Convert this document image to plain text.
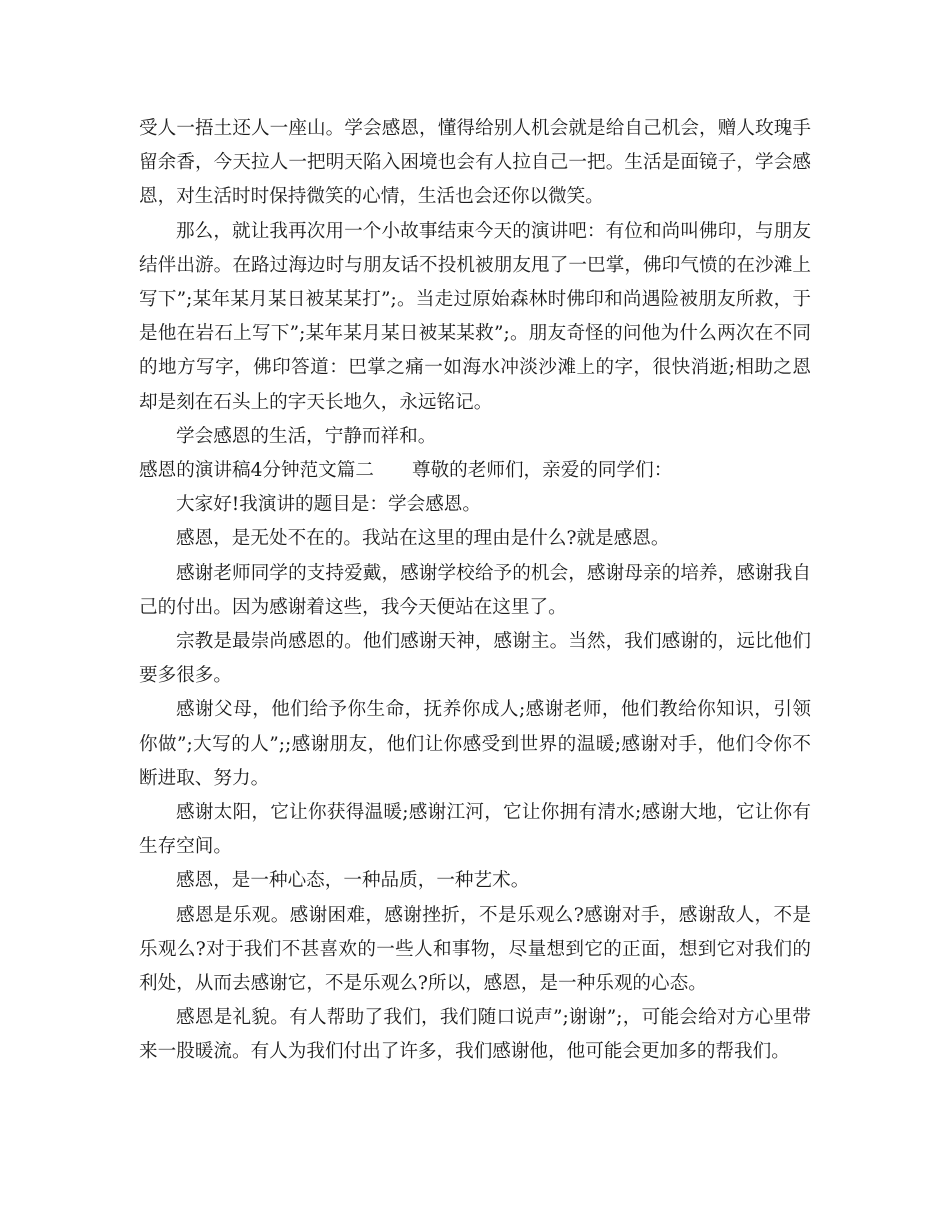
受人一捂土还人一座山。学会感恩，懂得给别人机会就是给自己机会，赠人玫瑰手留余香，今天拉人一把明天陷入困境也会有人拉自己一把。生活是面镜子，学会感恩，对生活时时保持微笑的心情，生活也会还你以微笑。

那么，就让我再次用一个小故事结束今天的演讲吧：有位和尚叫佛印，与朋友结伴出游。在路过海边时与朋友话不投机被朋友甩了一巴掌，佛印气愤的在沙滩上写下”;某年某月某日被某某打”;。当走过原始森林时佛印和尚遇险被朋友所救，于是他在岩石上写下”;某年某月某日被某某救”;。朋友奇怪的问他为什么两次在不同的地方写字，佛印答道：巴掌之痛一如海水冲淡沙滩上的字，很快消逝;相助之恩却是刻在石头上的字天长地久，永远铭记。

学会感恩的生活，宁静而祥和。

感恩的演讲稿4分钟范文篇二 尊敬的老师们，亲爱的同学们：

大家好!我演讲的题目是：学会感恩。

感恩，是无处不在的。我站在这里的理由是什么?就是感恩。

感谢老师同学的支持爱戴，感谢学校给予的机会，感谢母亲的培养，感谢我自己的付出。因为感谢着这些，我今天便站在这里了。

宗教是最崇尚感恩的。他们感谢天神，感谢主。当然，我们感谢的，远比他们要多很多。

感谢父母，他们给予你生命，抚养你成人;感谢老师，他们教给你知识，引领你做”;大写的人”;;感谢朋友，他们让你感受到世界的温暖;感谢对手，他们令你不断进取、努力。

感谢太阳，它让你获得温暖;感谢江河，它让你拥有清水;感谢大地，它让你有生存空间。

感恩，是一种心态，一种品质，一种艺术。

感恩是乐观。感谢困难，感谢挫折，不是乐观么?感谢对手，感谢敌人，不是乐观么?对于我们不甚喜欢的一些人和事物，尽量想到它的正面，想到它对我们的利处，从而去感谢它，不是乐观么?所以，感恩，是一种乐观的心态。

感恩是礼貌。有人帮助了我们，我们随口说声”;谢谢”;，可能会给对方心里带来一股暖流。有人为我们付出了许多，我们感谢他，他可能会更加多的帮我们。
